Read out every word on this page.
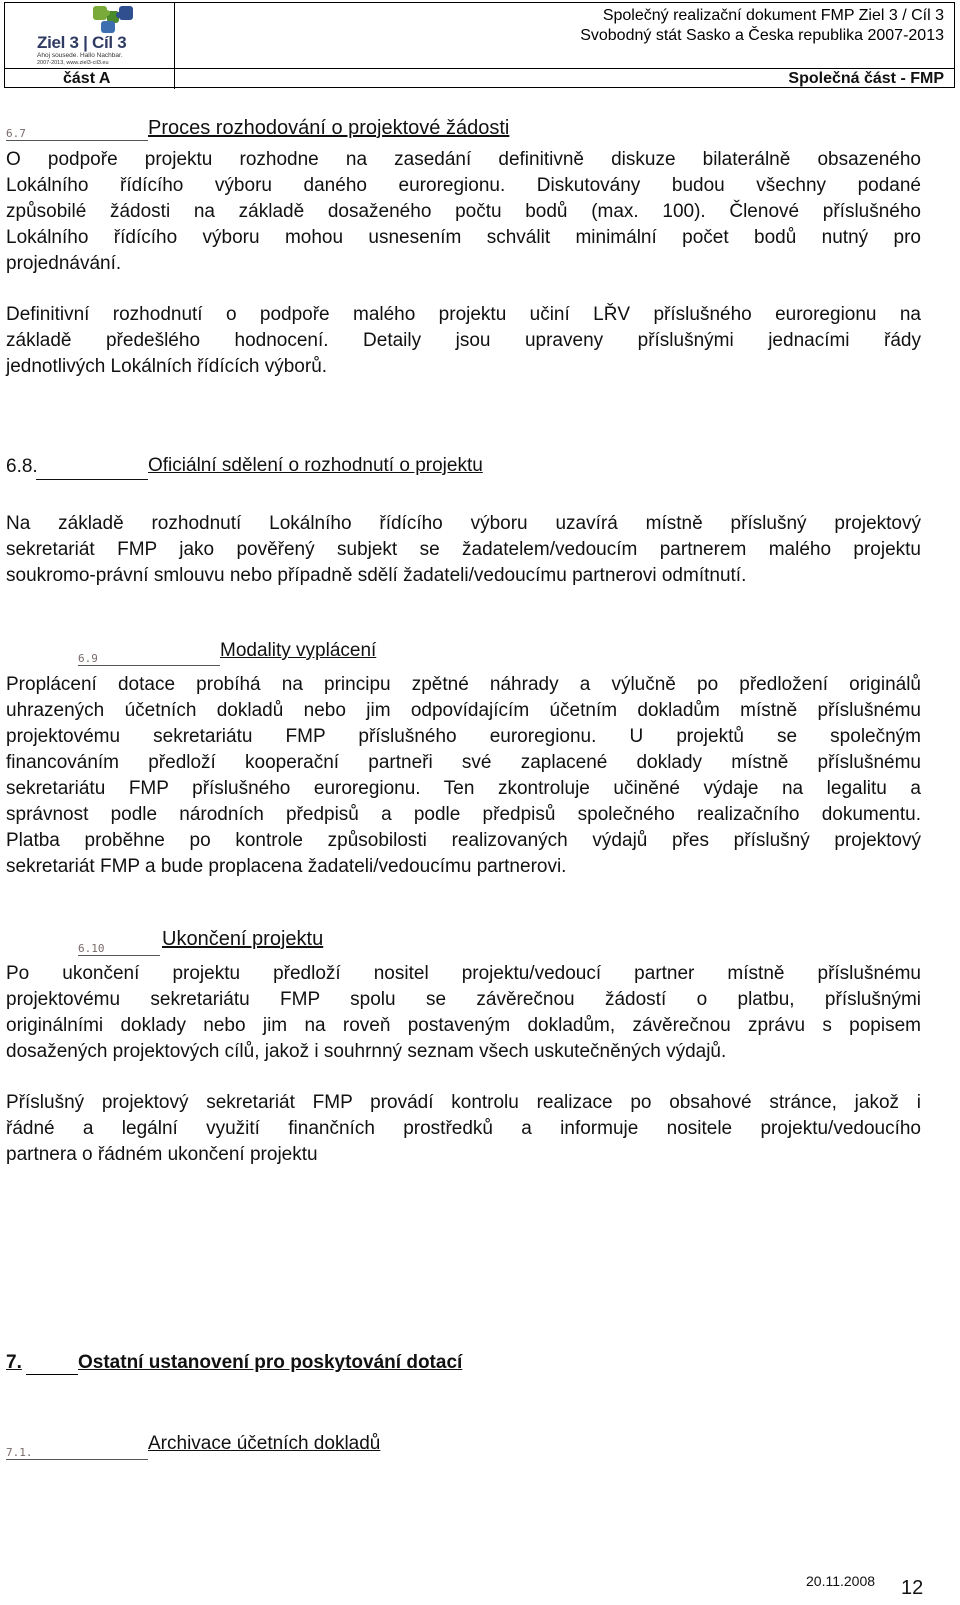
Ziel 3 | Cíl 3
Ahoj sousede. Hallo Nachbar.
2007-2013, www.ziel3-cil3.eu
Společný realizační dokument FMP Ziel 3 / Cíl 3
Svobodný stát Sasko a Česka republika 2007-2013
část A	Společná část - FMP
6.7	Proces rozhodování o projektové žádosti
O podpoře projektu rozhodne na zasedání definitivně diskuze bilaterálně obsazeného
Lokálního řídícího výboru daného euroregionu. Diskutovány budou všechny podané
způsobilé žádosti na základě dosaženého počtu bodů (max. 100). Členové příslušného
Lokálního řídícího výboru mohou usnesením schválit minimální počet bodů nutný pro
projednávání.
Definitivní rozhodnutí o podpoře malého projektu učiní LŘV příslušného euroregionu na
základě předešlého hodnocení. Detaily jsou upraveny příslušnými jednacími řády
jednotlivých Lokálních řídících výborů.
6.8.	Oficiální sdělení o rozhodnutí o projektu
Na základě rozhodnutí Lokálního řídícího výboru uzavírá místně příslušný projektový
sekretariát FMP jako pověřený subjekt se žadatelem/vedoucím partnerem malého projektu
soukromo-právní smlouvu nebo případně sdělí žadateli/vedoucímu partnerovi odmítnutí.
6.9	Modality vyplácení
Proplácení dotace probíhá na principu zpětné náhrady a výlučně po předložení originálů
uhrazených účetních dokladů nebo jim odpovídajícím účetním dokladům místně příslušnému
projektovému sekretariátu FMP příslušného euroregionu. U projektů se společným
financováním předloží kooperační partneři své zaplacené doklady místně příslušnému
sekretariátu FMP příslušného euroregionu. Ten zkontroluje učiněné výdaje na legalitu a
správnost podle národních předpisů a podle předpisů společného realizačního dokumentu.
Platba proběhne po kontrole způsobilosti realizovaných výdajů přes příslušný projektový
sekretariát FMP a bude proplacena žadateli/vedoucímu partnerovi.
6.10	Ukončení projektu
Po ukončení projektu předloží nositel projektu/vedoucí partner místně příslušnému
projektovému sekretariátu FMP spolu se závěrečnou žádostí o platbu, příslušnými
originálními doklady nebo jim na roveň postaveným dokladům, závěrečnou zprávu s popisem
dosažených projektových cílů, jakož i souhrnný seznam všech uskutečněných výdajů.
Příslušný projektový sekretariát FMP provádí kontrolu realizace po obsahové stránce, jakož i
řádné a legální využití finančních prostředků a informuje nositele projektu/vedoucího
partnera o řádném ukončení projektu
7.	Ostatní ustanovení pro poskytování dotací
7.1.	Archivace účetních dokladů
20.11.2008 12
